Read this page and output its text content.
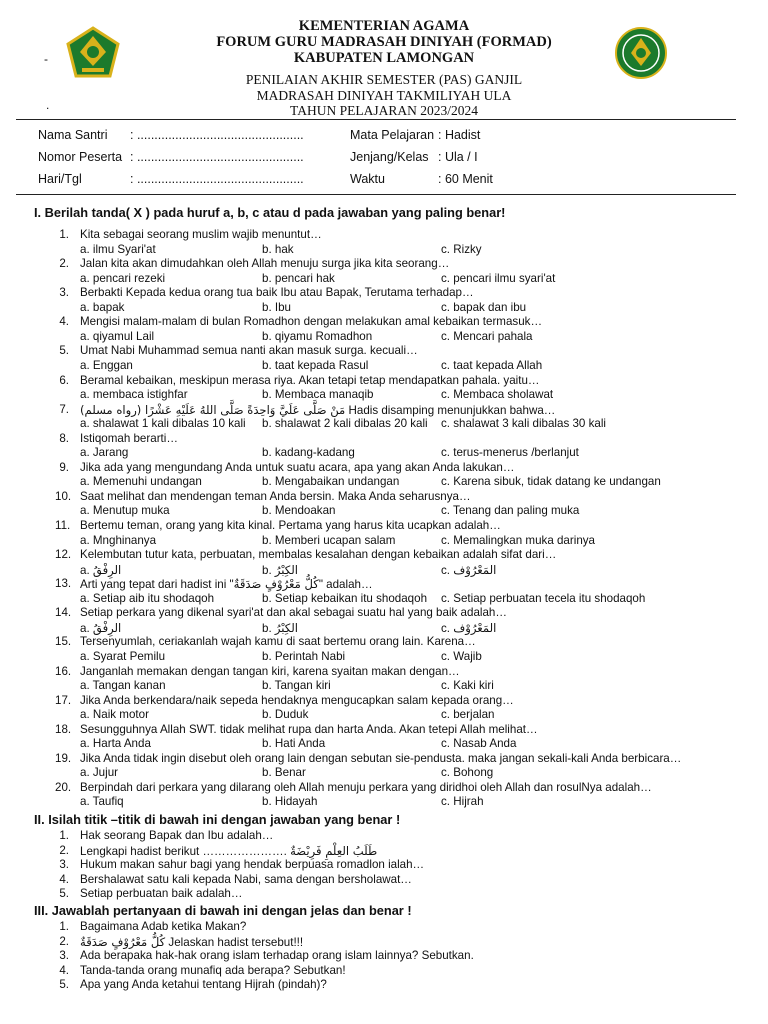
-
.
KEMENTERIAN AGAMA
FORUM GURU MADRASAH DINIYAH (FORMAD)
KABUPATEN LAMONGAN
PENILAIAN AKHIR SEMESTER (PAS) GANJIL
MADRASAH DINIYAH TAKMILIYAH ULA
TAHUN PELAJARAN 2023/2024
Nama Santri : ................................................	Mata Pelajaran : Hadist
Nomor Peserta : ................................................	Jenjang/Kelas : Ula / I
Hari/Tgl	: ................................................	Waktu	: 60 Menit
I. Berilah tanda( X ) pada huruf a, b, c atau d pada jawaban yang paling benar!
1. Kita sebagai seorang muslim wajib menuntut…
a. ilmu Syari'at	b. hak	c. Rizky
2. Jalan kita akan dimudahkan oleh Allah menuju surga jika kita seorang…
a. pencari rezeki	b. pencari hak	c. pencari ilmu syari'at
3. Berbakti Kepada kedua orang tua baik Ibu atau Bapak, Terutama terhadap…
a. bapak	b. Ibu	c. bapak dan ibu
4. Mengisi malam-malam di bulan Romadhon dengan melakukan amal kebaikan termasuk…
a. qiyamul Lail	b. qiyamu Romadhon	c. Mencari pahala
5. Umat Nabi Muhammad semua nanti akan masuk surga. kecuali…
a. Enggan	b. taat kepada Rasul	c. taat kepada Allah
6. Beramal kebaikan, meskipun merasa riya. Akan tetapi tetap mendapatkan pahala. yaitu…
a. membaca istighfar	b. Membaca manaqib	c. Membaca sholawat
7. مَنْ صَلَّى عَلَيَّ وَاحِدَةً صَلَّى اللهُ عَلَيْهِ عَشْرًا (رواه مسلم) Hadis disamping menunjukkan bahwa…
a. shalawat 1 kali dibalas 10 kali b. shalawat 2 kali dibalas 20 kali c. shalawat 3 kali dibalas 30 kali
8. Istiqomah berarti…
a. Jarang	b. kadang-kadang	c. terus-menerus /berlanjut
9. Jika ada yang mengundang Anda untuk suatu acara, apa yang akan Anda lakukan…
a. Memenuhi undangan	b. Mengabaikan undangan	c. Karena sibuk, tidak datang ke undangan
10. Saat melihat dan mendengan teman Anda bersin. Maka Anda seharusnya…
a. Menutup muka	b. Mendoakan	c. Tenang dan paling muka
11. Bertemu teman, orang yang kita kinal. Pertama yang harus kita ucapkan adalah…
a. Mnghinanya	b. Memberi ucapan salam	c. Memalingkan muka darinya
12. Kelembutan tutur kata, perbuatan, membalas kesalahan dengan kebaikan adalah sifat dari…
a. الرِفْقُ	b. الكِبْرُ	c. المَعْرُوْف
13. Arti yang tepat dari hadist ini "كُلُّ مَعْرُوْفٍ صَدَقَةٌ" adalah…
a. Setiap aib itu shodaqoh	b. Setiap kebaikan itu shodaqoh c. Setiap perbuatan tecela itu shodaqoh
14. Setiap perkara yang dikenal syari'at dan akal sebagai suatu hal yang baik adalah…
a. الرِفْقُ	b. الكِبْرُ	c. المَعْرُوْف
15. Tersenyumlah, ceriakanlah wajah kamu di saat bertemu orang lain. Karena…
a. Syarat Pemilu	b. Perintah Nabi	c. Wajib
16. Janganlah memakan dengan tangan kiri, karena syaitan makan dengan…
a. Tangan kanan	b. Tangan kiri	c. Kaki kiri
17. Jika Anda berkendara/naik sepeda hendaknya mengucapkan salam kepada orang…
a. Naik motor	b. Duduk	c. berjalan
18. Sesungguhnya Allah SWT. tidak melihat rupa dan harta Anda. Akan tetepi Allah melihat…
a. Harta Anda	b. Hati Anda	c. Nasab Anda
19. Jika Anda tidak ingin disebut oleh orang lain dengan sebutan sie-pendusta. maka jangan sekali-kali Anda berbicara…
a. Jujur	b. Benar	c. Bohong
20. Berpindah dari perkara yang dilarang oleh Allah menuju perkara yang diridhoi oleh Allah dan rosulNya adalah…
a. Taufiq	b. Hidayah	c. Hijrah
II. Isilah titik –titik di bawah ini dengan jawaban yang benar !
1. Hak seorang Bapak dan Ibu adalah…
2. Lengkapi hadist berikut …………………. طَلَبُ العِلْمِ فَرِيْضَةٌ
3. Hukum makan sahur bagi yang hendak berpuasa romadlon ialah…
4. Bershalawat satu kali kepada Nabi, sama dengan bersholawat…
5. Setiap perbuatan baik adalah…
III. Jawablah pertanyaan di bawah ini dengan jelas dan benar !
1. Bagaimana Adab ketika Makan?
2. كُلُّ مَعْرُوْفٍ صَدَقَةٌ Jelaskan hadist tersebut!!!
3. Ada berapaka hak-hak orang islam terhadap orang islam lainnya? Sebutkan.
4. Tanda-tanda orang munafiq ada berapa? Sebutkan!
5. Apa yang Anda ketahui tentang Hijrah (pindah)?
